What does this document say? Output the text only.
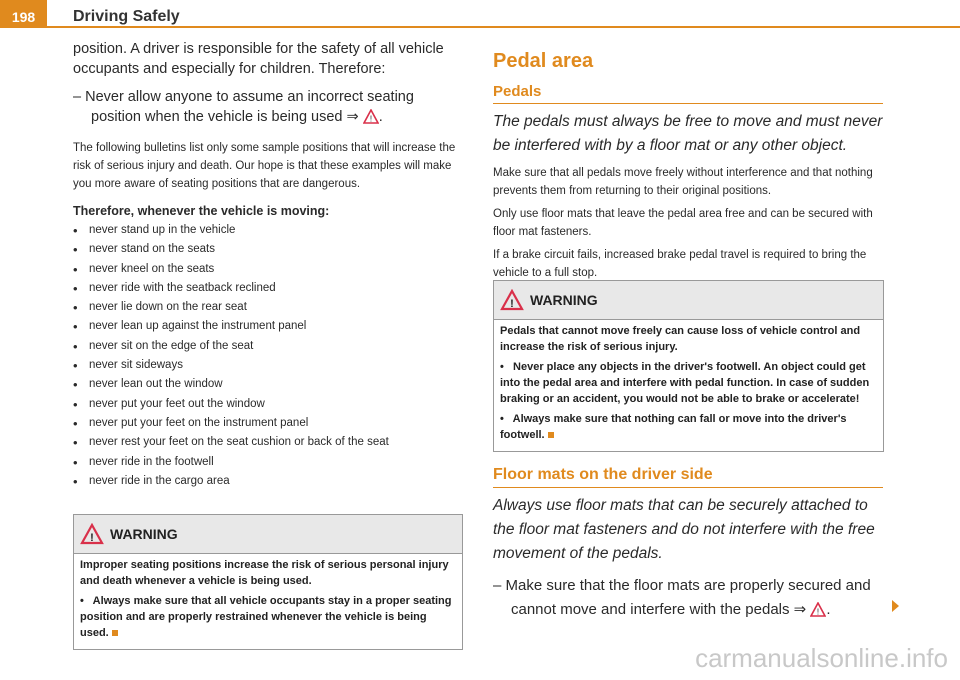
198	Driving Safely
position. A driver is responsible for the safety of all vehicle occupants and especially for children. Therefore:
– Never allow anyone to assume an incorrect seating position when the vehicle is being used ⇒ ! .
The following bulletins list only some sample positions that will increase the risk of serious injury and death. Our hope is that these examples will make you more aware of seating positions that are dangerous.
Therefore, whenever the vehicle is moving:
• never stand up in the vehicle
• never stand on the seats
• never kneel on the seats
• never ride with the seatback reclined
• never lie down on the rear seat
• never lean up against the instrument panel
• never sit on the edge of the seat
• never sit sideways
• never lean out the window
• never put your feet out the window
• never put your feet on the instrument panel
• never rest your feet on the seat cushion or back of the seat
• never ride in the footwell
• never ride in the cargo area
! WARNING

Improper seating positions increase the risk of serious personal injury and death whenever a vehicle is being used.

•   Always make sure that all vehicle occupants stay in a proper seating position and are properly restrained whenever the vehicle is being used.

Pedal area
Pedals
The pedals must always be free to move and must never be interfered with by a floor mat or any other object.
Make sure that all pedals move freely without interference and that nothing prevents them from returning to their original positions.
Only use floor mats that leave the pedal area free and can be secured with floor mat fasteners.
If a brake circuit fails, increased brake pedal travel is required to bring the vehicle to a full stop.
! WARNING

Pedals that cannot move freely can cause loss of vehicle control and increase the risk of serious injury.

•   Never place any objects in the driver's footwell. An object could get into the pedal area and interfere with pedal function. In case of sudden braking or an accident, you would not be able to brake or accelerate!

•   Always make sure that nothing can fall or move into the driver's footwell.

Floor mats on the driver side
Always use floor mats that can be securely attached to the floor mat fasteners and do not interfere with the free movement of the pedals.
– Make sure that the floor mats are properly secured and cannot move and interfere with the pedals ⇒ ! .
carmanualsonline.info
